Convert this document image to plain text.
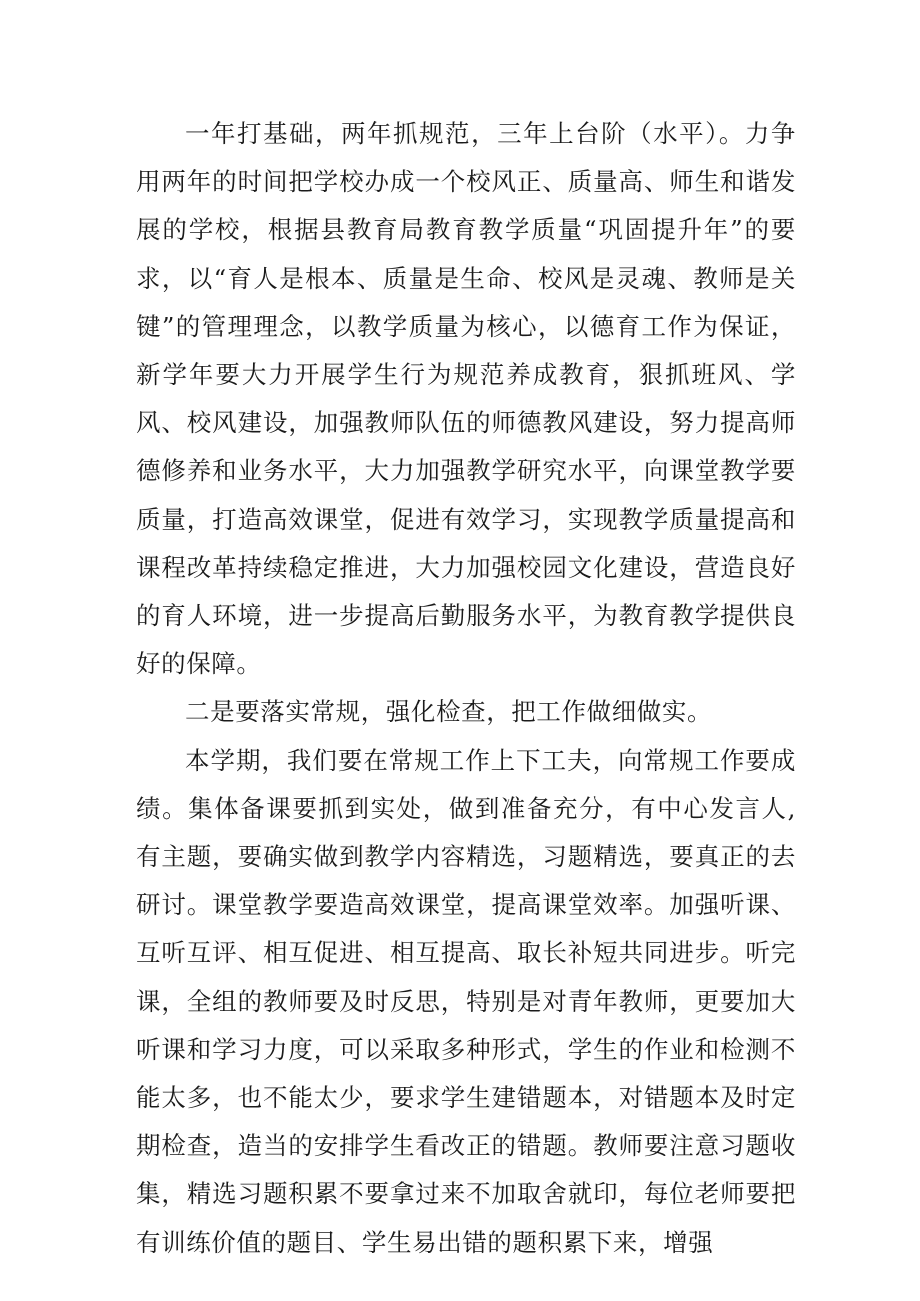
一年打基础，两年抓规范，三年上台阶（水平）。力争用两年的时间把学校办成一个校风正、质量高、师生和谐发展的学校，根据县教育局教育教学质量“巩固提升年”的要求，以“育人是根本、质量是生命、校风是灵魂、教师是关键”的管理理念，以教学质量为核心，以德育工作为保证，新学年要大力开展学生行为规范养成教育，狠抓班风、学风、校风建设，加强教师队伍的师德教风建设，努力提高师德修养和业务水平，大力加强教学研究水平，向课堂教学要质量，打造高效课堂，促进有效学习，实现教学质量提高和课程改革持续稳定推进，大力加强校园文化建设，营造良好的育人环境，进一步提高后勤服务水平，为教育教学提供良好的保障。

二是要落实常规，强化检查，把工作做细做实。

本学期，我们要在常规工作上下工夫，向常规工作要成绩。集体备课要抓到实处，做到准备充分，有中心发言人,有主题，要确实做到教学内容精选，习题精选，要真正的去研讨。课堂教学要造高效课堂，提高课堂效率。加强听课、互听互评、相互促进、相互提高、取长补短共同进步。听完课，全组的教师要及时反思，特别是对青年教师，更要加大听课和学习力度，可以采取多种形式，学生的作业和检测不能太多，也不能太少，要求学生建错题本，对错题本及时定期检查，造当的安排学生看改正的错题。教师要注意习题收集，精选习题积累不要拿过来不加取舍就印，每位老师要把有训练价值的题目、学生易出错的题积累下来，增强
